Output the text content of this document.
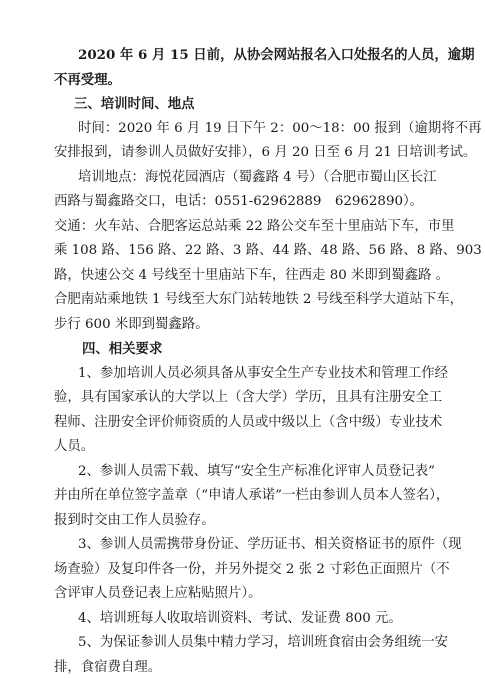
2020 年 6 月 15 日前，从协会网站报名入口处报名的人员，逾期
不再受理。
三、培训时间、地点
时间：2020 年 6 月 19 日下午 2：00～18：00 报到（逾期将不再
安排报到，请参训人员做好安排），6 月 20 日至 6 月 21 日培训考试。
培训地点：海悦花园酒店（蜀鑫路 4 号）（合肥市蜀山区长江
西路与蜀鑫路交口，电话：0551-62962889　62962890）。
交通：火车站、合肥客运总站乘 22 路公交车至十里庙站下车，市里
乘 108 路、156 路、22 路、3 路、44 路、48 路、56 路、8 路、903
路，快速公交 4 号线至十里庙站下车，往西走 80 米即到蜀鑫路 。
合肥南站乘地铁 1 号线至大东门站转地铁 2 号线至科学大道站下车，
步行 600 米即到蜀鑫路。
四、相关要求
1、参加培训人员必须具备从事安全生产专业技术和管理工作经
验，具有国家承认的大学以上（含大学）学历，且具有注册安全工
程师、注册安全评价师资质的人员或中级以上（含中级）专业技术
人员。
2、参训人员需下载、填写“安全生产标准化评审人员登记表”
并由所在单位签字盖章（“申请人承诺”一栏由参训人员本人签名），
报到时交由工作人员验存。
3、参训人员需携带身份证、学历证书、相关资格证书的原件（现
场查验）及复印件各一份，并另外提交 2 张 2 寸彩色正面照片（不
含评审人员登记表上应粘贴照片）。
4、培训班每人收取培训资料、考试、发证费 800 元。
5、为保证参训人员集中精力学习，培训班食宿由会务组统一安
排，食宿费自理。
